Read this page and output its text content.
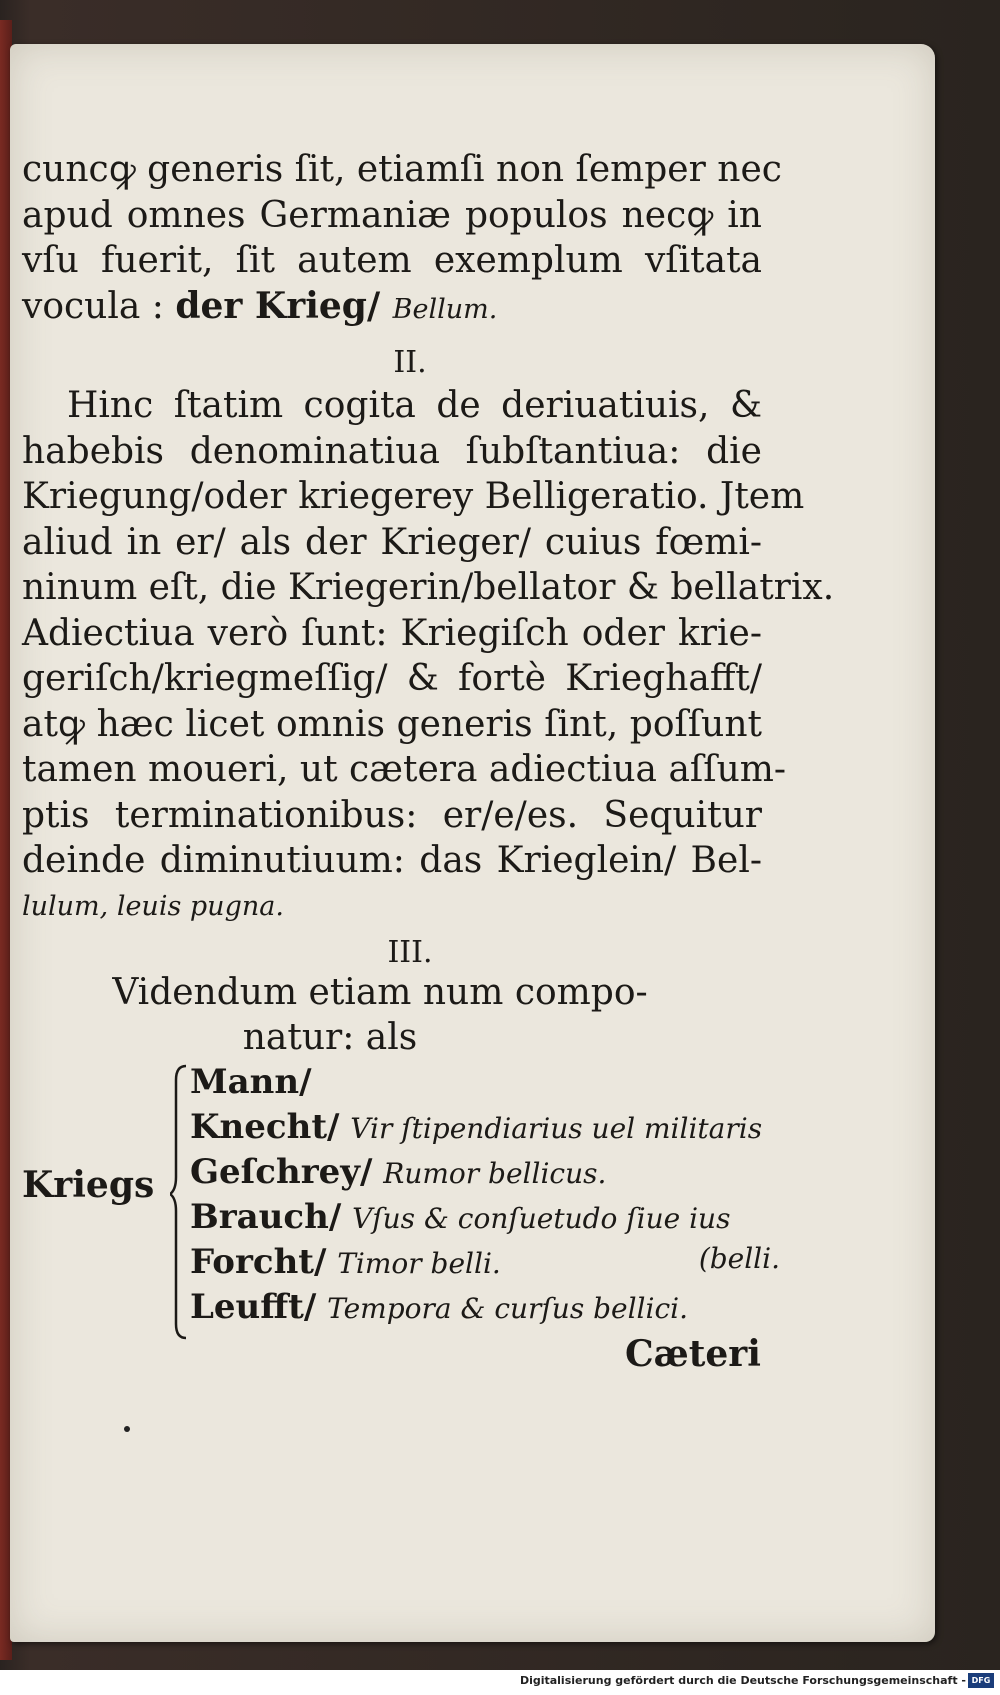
cuncꝙ generis ſit, etiamſi non ſemper nec
apud omnes Germaniæ populos necꝙ in
vſu fuerit, ſit autem exemplum vſitata
vocula : der Krieg/ Bellum.
II.
Hinc ſtatim cogita de deriuatiuis, &
habebis denominatiua ſubſtantiua: die
Kriegung/oder kriegerey Belligeratio. Jtem
aliud in er/ als der Krieger/ cuius fœmi-
ninum eſt, die Kriegerin/bellator & bellatrix.
Adiectiua verò ſunt: Kriegiſch oder krie-
geriſch/kriegmeſſig/ & fortè Krieghafft/
atꝙ hæc licet omnis generis ſint, poſſunt
tamen moueri, ut cætera adiectiua aſſum-
ptis terminationibus: er/e/es. Sequitur
deinde diminutiuum: das Krieglein/ Bel-
lulum, leuis pugna.
III.
Videndum etiam num compo-
natur: als
Kriegs
Mann/
Knecht/ Vir ſtipendiarius uel militaris
Geſchrey/ Rumor bellicus.
Brauch/ Vſus & conſuetudo ſiue ius
Forcht/ Timor belli.	(belli.
Leufft/ Tempora & curſus bellici.
Cæteri
Digitalisierung gefördert durch die Deutsche Forschungsgemeinschaft - DFG
